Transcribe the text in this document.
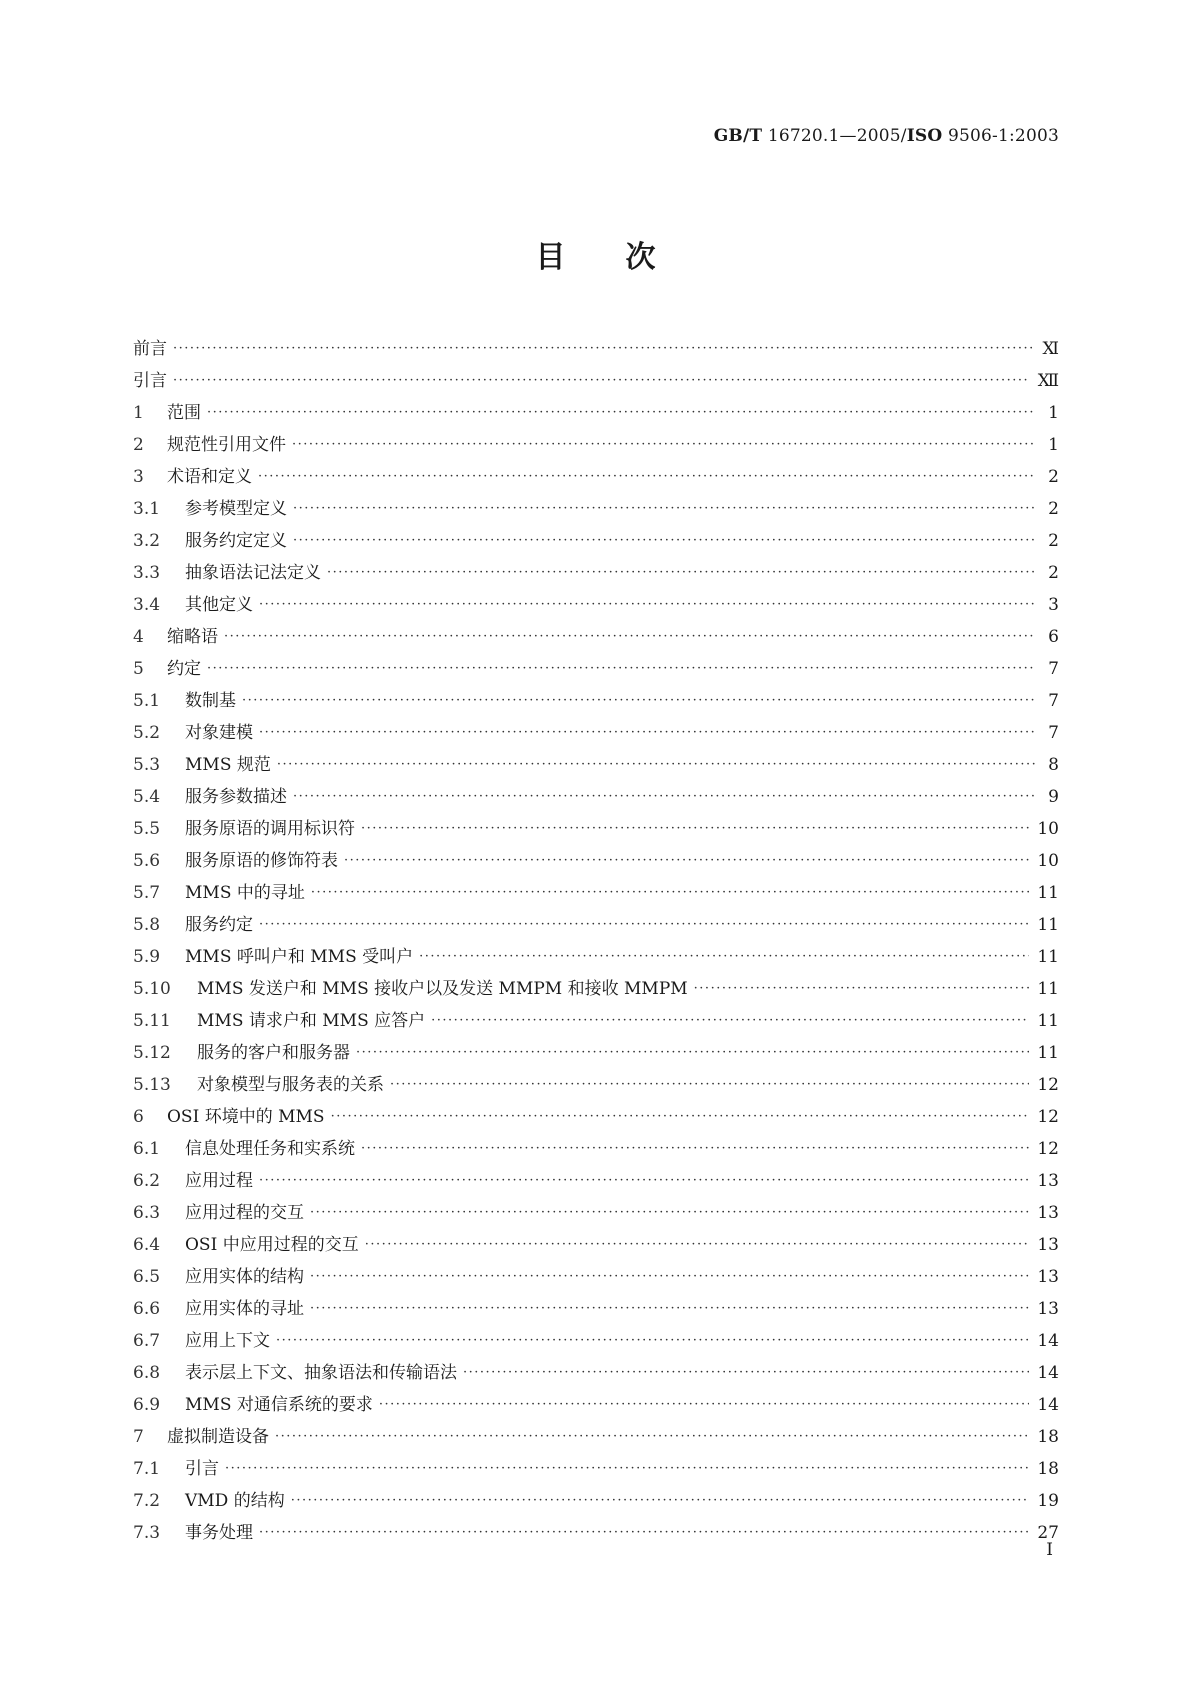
GB/T 16720.1—2005/ISO 9506-1:2003
目次
前言 ·····	Ⅺ
引言 ·····	Ⅻ
1	范围 ·····	1
2	规范性引用文件 ·····	1
3	术语和定义 ·····	2
3.1	参考模型定义 ·····	2
3.2	服务约定定义 ·····	2
3.3	抽象语法记法定义 ·····	2
3.4	其他定义 ·····	3
4	缩略语 ·····	6
5	约定 ·····	7
5.1	数制基 ·····	7
5.2	对象建模 ·····	7
5.3	MMS 规范 ·····	8
5.4	服务参数描述 ·····	9
5.5	服务原语的调用标识符 ·····	10
5.6	服务原语的修饰符表 ·····	10
5.7	MMS 中的寻址 ·····	11
5.8	服务约定 ·····	11
5.9	MMS 呼叫户和 MMS 受叫户 ·····	11
5.10	MMS 发送户和 MMS 接收户以及发送 MMPM 和接收 MMPM ·····	11
5.11	MMS 请求户和 MMS 应答户 ·····	11
5.12	服务的客户和服务器 ·····	11
5.13	对象模型与服务表的关系 ·····	12
6	OSI 环境中的 MMS ·····	12
6.1	信息处理任务和实系统 ·····	12
6.2	应用过程 ·····	13
6.3	应用过程的交互 ·····	13
6.4	OSI 中应用过程的交互 ·····	13
6.5	应用实体的结构 ·····	13
6.6	应用实体的寻址 ·····	13
6.7	应用上下文 ·····	14
6.8	表示层上下文、抽象语法和传输语法 ·····	14
6.9	MMS 对通信系统的要求 ·····	14
7	虚拟制造设备 ·····	18
7.1	引言 ·····	18
7.2	VMD 的结构 ·····	19
7.3	事务处理 ·····	27
I
